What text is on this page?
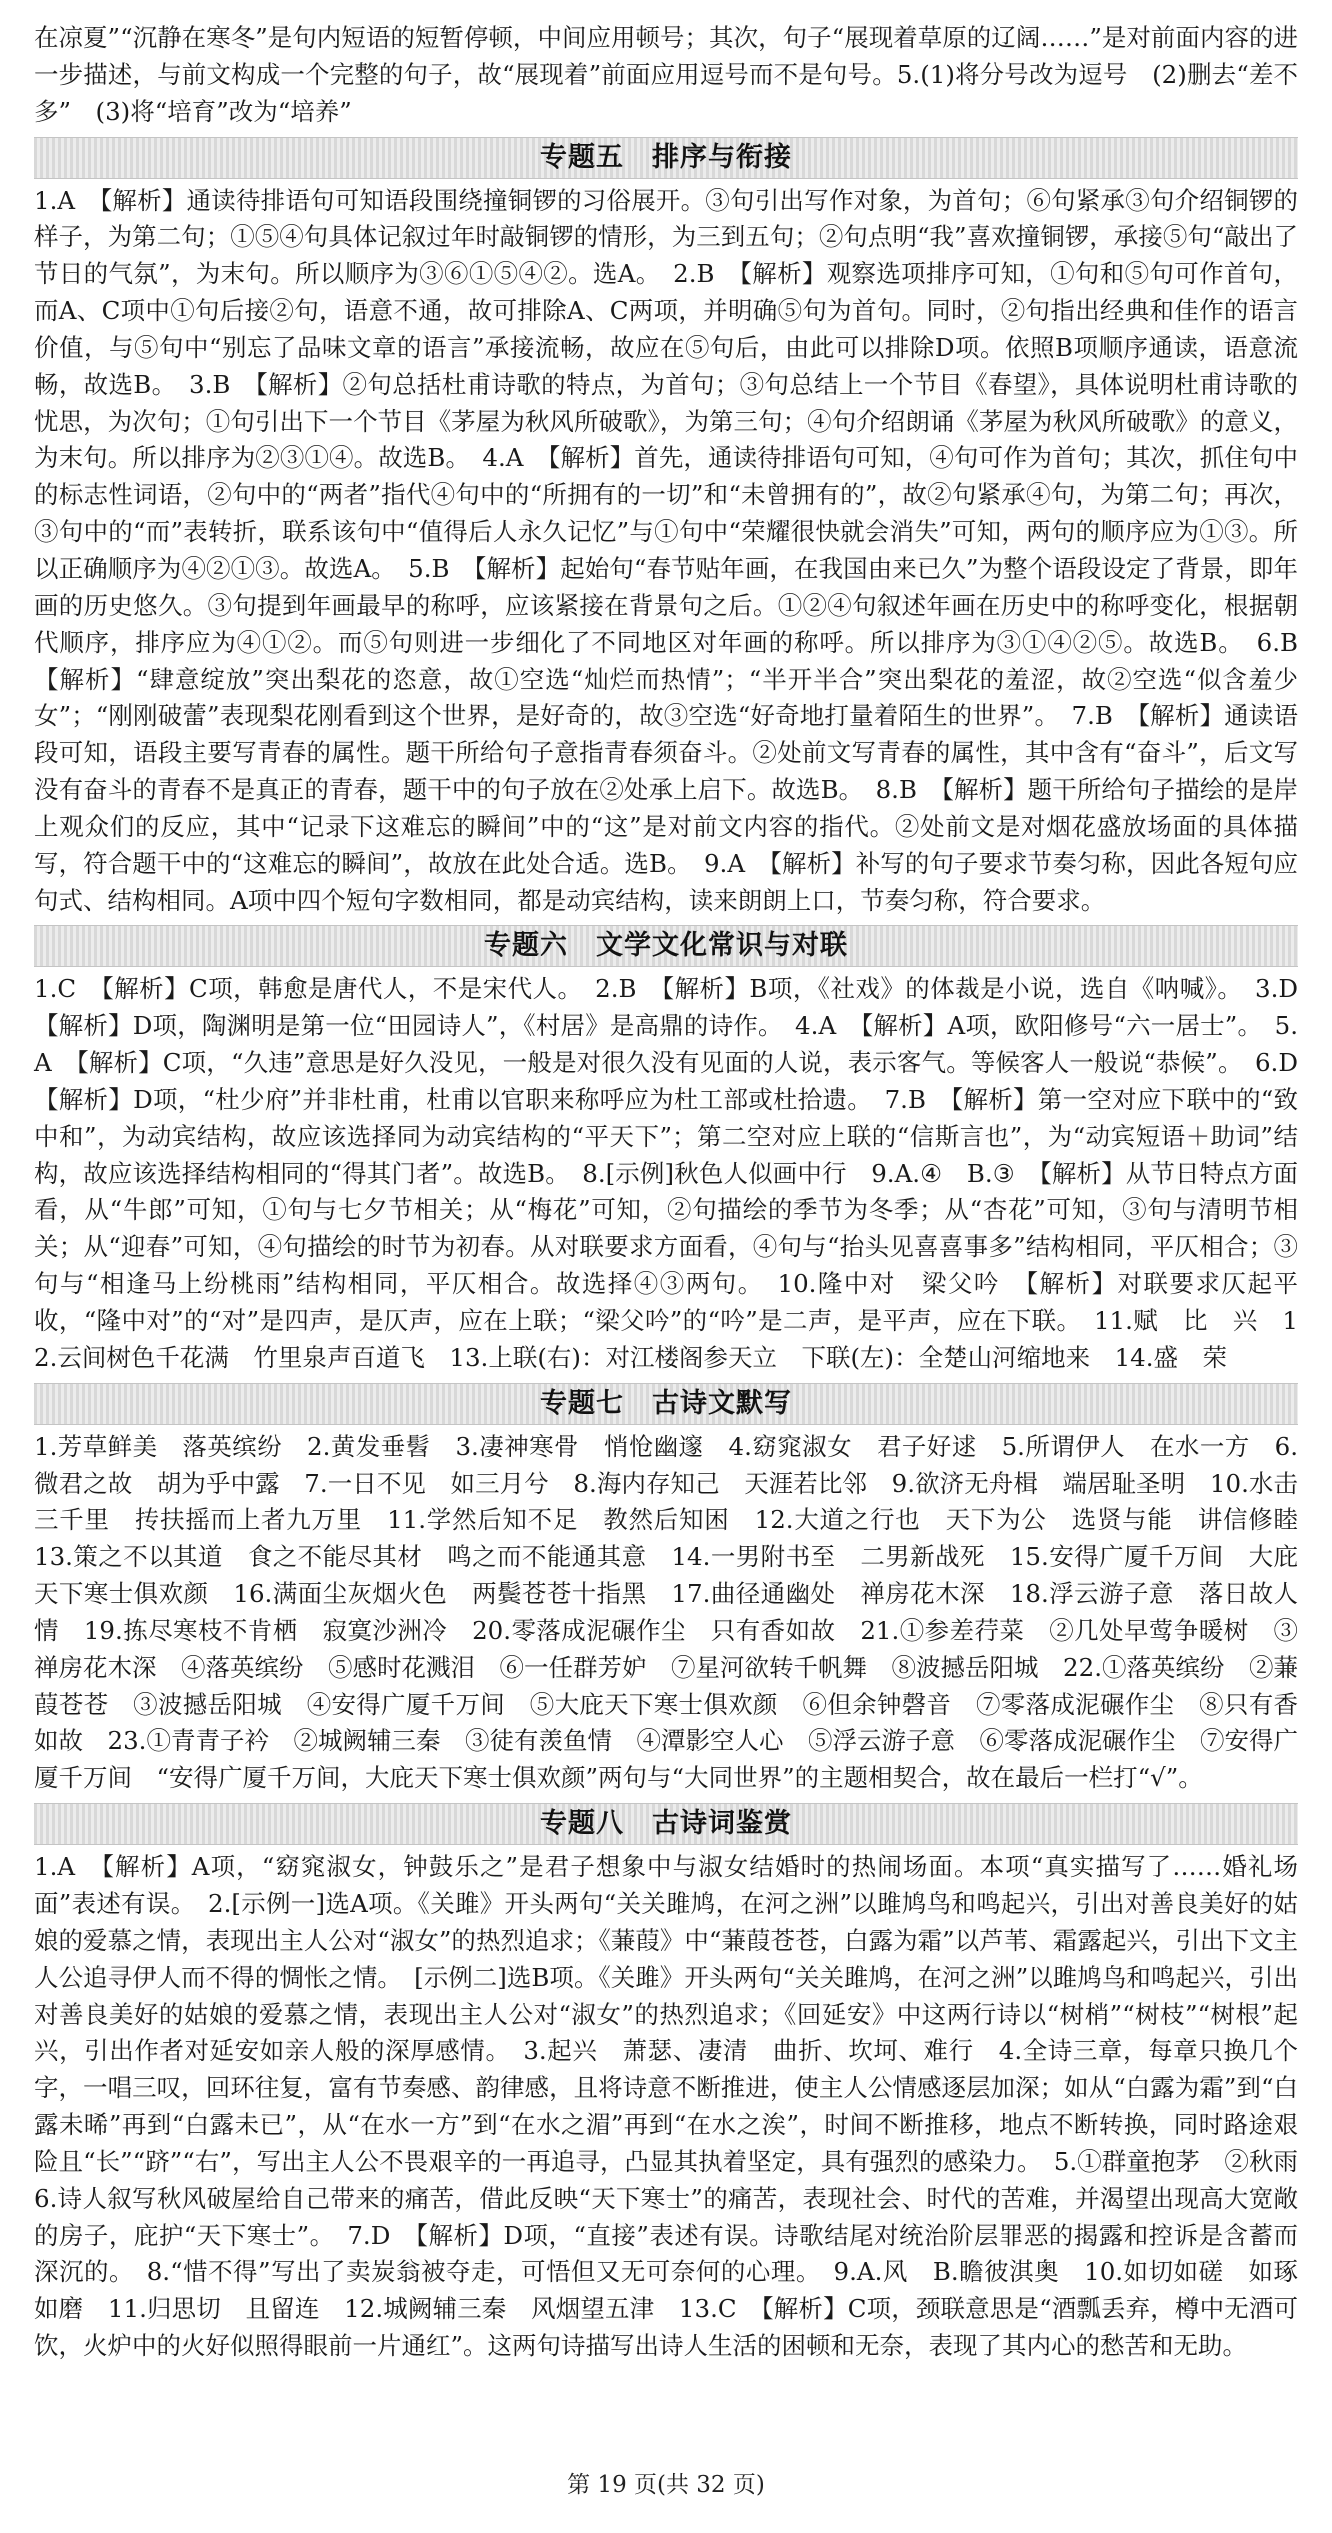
在凉夏”“沉静在寒冬”是句内短语的短暂停顿，中间应用顿号；其次，句子“展现着草原的辽阔……”是对前面内容的进一步描述，与前文构成一个完整的句子，故“展现着”前面应用逗号而不是句号。5.(1)将分号改为逗号　(2)删去“差不多”　(3)将“培育”改为“培养”

专题五　排序与衔接

1.A　【解析】通读待排语句可知语段围绕撞铜锣的习俗展开。③句引出写作对象，为首句；⑥句紧承③句介绍铜锣的样子，为第二句；①⑤④句具体记叙过年时敲铜锣的情形，为三到五句；②句点明“我”喜欢撞铜锣，承接⑤句“敲出了节日的气氛”，为末句。所以顺序为③⑥①⑤④②。选A。　2.B　【解析】观察选项排序可知，①句和⑤句可作首句，而A、C项中①句后接②句，语意不通，故可排除A、C两项，并明确⑤句为首句。同时，②句指出经典和佳作的语言价值，与⑤句中“别忘了品味文章的语言”承接流畅，故应在⑤句后，由此可以排除D项。依照B项顺序通读，语意流畅，故选B。　3.B　【解析】②句总括杜甫诗歌的特点，为首句；③句总结上一个节目《春望》，具体说明杜甫诗歌的忧思，为次句；①句引出下一个节目《茅屋为秋风所破歌》，为第三句；④句介绍朗诵《茅屋为秋风所破歌》的意义，为末句。所以排序为②③①④。故选B。　4.A　【解析】首先，通读待排语句可知，④句可作为首句；其次，抓住句中的标志性词语，②句中的“两者”指代④句中的“所拥有的一切”和“未曾拥有的”，故②句紧承④句，为第二句；再次，③句中的“而”表转折，联系该句中“值得后人永久记忆”与①句中“荣耀很快就会消失”可知，两句的顺序应为①③。所以正确顺序为④②①③。故选A。　5.B　【解析】起始句“春节贴年画，在我国由来已久”为整个语段设定了背景，即年画的历史悠久。③句提到年画最早的称呼，应该紧接在背景句之后。①②④句叙述年画在历史中的称呼变化，根据朝代顺序，排序应为④①②。而⑤句则进一步细化了不同地区对年画的称呼。所以排序为③①④②⑤。故选B。　6.B　【解析】“肆意绽放”突出梨花的恣意，故①空选“灿烂而热情”；“半开半合”突出梨花的羞涩，故②空选“似含羞少女”；“刚刚破蕾”表现梨花刚看到这个世界，是好奇的，故③空选“好奇地打量着陌生的世界”。　7.B　【解析】通读语段可知，语段主要写青春的属性。题干所给句子意指青春须奋斗。②处前文写青春的属性，其中含有“奋斗”，后文写没有奋斗的青春不是真正的青春，题干中的句子放在②处承上启下。故选B。　8.B　【解析】题干所给句子描绘的是岸上观众们的反应，其中“记录下这难忘的瞬间”中的“这”是对前文内容的指代。②处前文是对烟花盛放场面的具体描写，符合题干中的“这难忘的瞬间”，故放在此处合适。选B。　9.A　【解析】补写的句子要求节奏匀称，因此各短句应句式、结构相同。A项中四个短句字数相同，都是动宾结构，读来朗朗上口，节奏匀称，符合要求。

专题六　文学文化常识与对联

1.C　【解析】C项，韩愈是唐代人，不是宋代人。　2.B　【解析】B项，《社戏》的体裁是小说，选自《呐喊》。　3.D　【解析】D项，陶渊明是第一位“田园诗人”，《村居》是高鼎的诗作。　4.A　【解析】A项，欧阳修号“六一居士”。　5.A　【解析】C项，“久违”意思是好久没见，一般是对很久没有见面的人说，表示客气。等候客人一般说“恭候”。　6.D　【解析】D项，“杜少府”并非杜甫，杜甫以官职来称呼应为杜工部或杜拾遗。　7.B　【解析】第一空对应下联中的“致中和”，为动宾结构，故应该选择同为动宾结构的“平天下”；第二空对应上联的“信斯言也”，为“动宾短语＋助词”结构，故应该选择结构相同的“得其门者”。故选B。　8.[示例]秋色人似画中行　9.A.④　B.③　【解析】从节日特点方面看，从“牛郎”可知，①句与七夕节相关；从“梅花”可知，②句描绘的季节为冬季；从“杏花”可知，③句与清明节相关；从“迎春”可知，④句描绘的时节为初春。从对联要求方面看，④句与“抬头见喜喜事多”结构相同，平仄相合；③句与“相逢马上纷桃雨”结构相同，平仄相合。故选择④③两句。　10.隆中对　梁父吟　【解析】对联要求仄起平收，“隆中对”的“对”是四声，是仄声，应在上联；“梁父吟”的“吟”是二声，是平声，应在下联。　11.赋　比　兴　12.云间树色千花满　竹里泉声百道飞　13.上联(右)：对江楼阁参天立　下联(左)：全楚山河缩地来　14.盛　荣

专题七　古诗文默写

1.芳草鲜美　落英缤纷　2.黄发垂髫　3.凄神寒骨　悄怆幽邃　4.窈窕淑女　君子好逑　5.所谓伊人　在水一方　6.微君之故　胡为乎中露　7.一日不见　如三月兮　8.海内存知己　天涯若比邻　9.欲济无舟楫　端居耻圣明　10.水击三千里　抟扶摇而上者九万里　11.学然后知不足　教然后知困　12.大道之行也　天下为公　选贤与能　讲信修睦　13.策之不以其道　食之不能尽其材　鸣之而不能通其意　14.一男附书至　二男新战死　15.安得广厦千万间　大庇天下寒士俱欢颜　16.满面尘灰烟火色　两鬓苍苍十指黑　17.曲径通幽处　禅房花木深　18.浮云游子意　落日故人情　19.拣尽寒枝不肯栖　寂寞沙洲冷　20.零落成泥碾作尘　只有香如故　21.①参差荇菜　②几处早莺争暖树　③禅房花木深　④落英缤纷　⑤感时花溅泪　⑥一任群芳妒　⑦星河欲转千帆舞　⑧波撼岳阳城　22.①落英缤纷　②蒹葭苍苍　③波撼岳阳城　④安得广厦千万间　⑤大庇天下寒士俱欢颜　⑥但余钟磬音　⑦零落成泥碾作尘　⑧只有香如故　23.①青青子衿　②城阙辅三秦　③徒有羡鱼情　④潭影空人心　⑤浮云游子意　⑥零落成泥碾作尘　⑦安得广厦千万间　“安得广厦千万间，大庇天下寒士俱欢颜”两句与“大同世界”的主题相契合，故在最后一栏打“√”。

专题八　古诗词鉴赏

1.A　【解析】A项，“窈窕淑女，钟鼓乐之”是君子想象中与淑女结婚时的热闹场面。本项“真实描写了……婚礼场面”表述有误。　2.[示例一]选A项。《关雎》开头两句“关关雎鸠，在河之洲”以雎鸠鸟和鸣起兴，引出对善良美好的姑娘的爱慕之情，表现出主人公对“淑女”的热烈追求；《蒹葭》中“蒹葭苍苍，白露为霜”以芦苇、霜露起兴，引出下文主人公追寻伊人而不得的惆怅之情。　[示例二]选B项。《关雎》开头两句“关关雎鸠，在河之洲”以雎鸠鸟和鸣起兴，引出对善良美好的姑娘的爱慕之情，表现出主人公对“淑女”的热烈追求；《回延安》中这两行诗以“树梢”“树枝”“树根”起兴，引出作者对延安如亲人般的深厚感情。　3.起兴　萧瑟、凄清　曲折、坎坷、难行　4.全诗三章，每章只换几个字，一唱三叹，回环往复，富有节奏感、韵律感，且将诗意不断推进，使主人公情感逐层加深；如从“白露为霜”到“白露未晞”再到“白露未已”，从“在水一方”到“在水之湄”再到“在水之涘”，时间不断推移，地点不断转换，同时路途艰险且“长”“跻”“右”，写出主人公不畏艰辛的一再追寻，凸显其执着坚定，具有强烈的感染力。　5.①群童抱茅　②秋雨　6.诗人叙写秋风破屋给自己带来的痛苦，借此反映“天下寒士”的痛苦，表现社会、时代的苦难，并渴望出现高大宽敞的房子，庇护“天下寒士”。　7.D　【解析】D项，“直接”表述有误。诗歌结尾对统治阶层罪恶的揭露和控诉是含蓄而深沉的。　8.“惜不得”写出了卖炭翁被夺走，可悟但又无可奈何的心理。　9.A.风　B.瞻彼淇奥　10.如切如磋　如琢如磨　11.归思切　且留连　12.城阙辅三秦　风烟望五津　13.C　【解析】C项，颈联意思是“酒瓢丢弃，樽中无酒可饮，火炉中的火好似照得眼前一片通红”。这两句诗描写出诗人生活的困顿和无奈，表现了其内心的愁苦和无助。

第 19 页(共 32 页)
